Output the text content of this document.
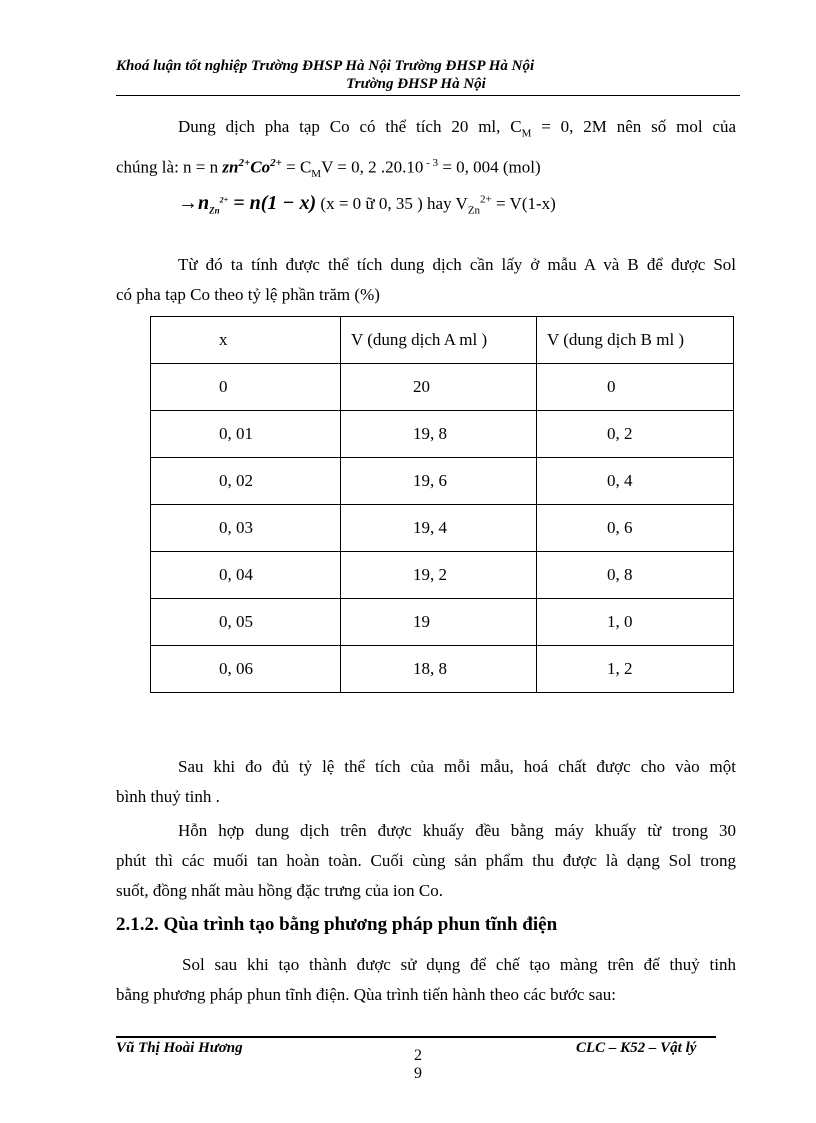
Khoá luận tốt nghiệp Trường ĐHSP Hà Nội Trường ĐHSP Hà Nội
Trường ĐHSP Hà Nội
Dung dịch pha tạp Co có thể tích 20 ml, $C_M = 0$, 2M nên số mol của
chúng là: n = n $zn^{2+}Co^{2+} = C_MV = 0$, 2 .20.10 $^{- 3}$ = 0, 004 (mol)
$\to n_{Zn}^{2+} = n(1 - x) (x = 0$ ữ 0, 35 ) hay $V_{Zn}^{2+} = V(1-x)$
Từ đó ta tính được thể tích dung dịch cần lấy ở mẫu A và B để được Sol
có pha tạp Co theo tỷ lệ phần trăm (%)
x	V (dung dịch A ml )	V (dung dịch B ml )
0	20	0
0, 01	19, 8	0, 2
0, 02	19, 6	0, 4
0, 03	19, 4	0, 6
0, 04	19, 2	0, 8
0, 05	19	1, 0
0, 06	18, 8	1, 2
Sau khi đo đủ tỷ lệ thể tích của mỗi mẫu, hoá chất được cho vào một
bình thuỷ tinh .
Hỗn hợp dung dịch trên được khuấy đều bằng máy khuấy từ trong 30
phút thì các muối tan hoàn toàn. Cuối cùng sản phẩm thu được là dạng Sol trong
suốt, đồng nhất màu hồng đặc trưng của ion Co.
2.1.2. Qùa trình tạo bằng phương pháp phun tĩnh điện
Sol sau khi tạo thành được sử dụng để chế tạo màng trên đế thuỷ tinh
bằng phương pháp phun tĩnh điện. Qùa trình tiến hành theo các bước sau:
Vũ Thị Hoài Hương	2
9
CLC – K52 – Vật lý
